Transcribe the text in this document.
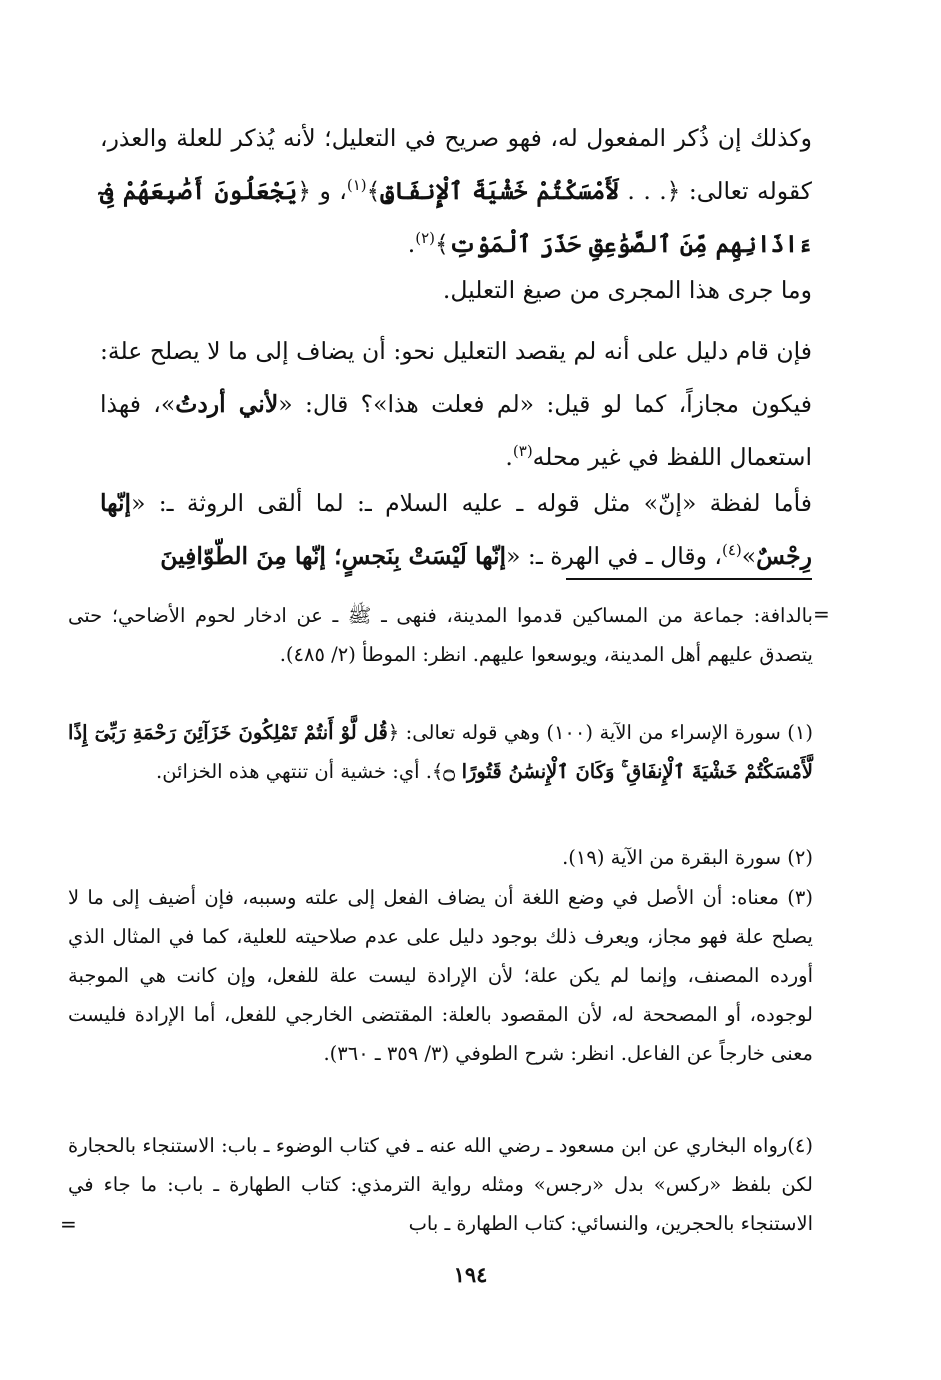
وكذلك إن ذُكر المفعول له، فهو صريح في التعليل؛ لأنه يُذكر للعلة والعذر، كقوله تعالى: ﴿. . . لَأَمْسَكْتُمْ خَشْيَةَ ٱلْإِنفَاقِ﴾$^{(١)}$، و ﴿يَجْعَلُونَ أَصَٰبِعَهُمْ فِىٓ ءَاذَانِهِم مِّنَ ٱلصَّوَٰعِقِ حَذَرَ ٱلْمَوْتِ﴾$^{(٢)}$.

وما جرى هذا المجرى من صيغ التعليل.

فإن قام دليل على أنه لم يقصد التعليل نحو: أن يضاف إلى ما لا يصلح علة: فيكون مجازاً، كما لو قيل: «لم فعلت هذا»؟ قال: «لأني أردتُ»، فهذا استعمال اللفظ في غير محله$^{(٣)}$.

فأما لفظة «إنّ» مثل قوله ـ عليه السلام ـ: لما ألقى الروثة ـ: «إنّها رِجْسٌ»$^{(٤)}$، وقال ـ في الهرة ـ: «إنّها لَيْسَتْ بِنَجسٍ؛ إنّها مِنَ الطّوّافِينَ

=
بالدافة: جماعة من المساكين قدموا المدينة، فنهى ـ ﷺ ـ عن ادخار لحوم الأضاحي؛ حتى يتصدق عليهم أهل المدينة، ويوسعوا عليهم. انظر: الموطأ (٢/ ٤٨٥).
(١) سورة الإسراء من الآية (١٠٠) وهي قوله تعالى: ﴿قُل لَّوْ أَنتُمْ تَمْلِكُونَ خَزَآئِنَ رَحْمَةِ رَبِّىٓ إِذًا لَّأَمْسَكْتُمْ خَشْيَةَ ٱلْإِنفَاقِ ۚ وَكَانَ ٱلْإِنسَٰنُ قَتُورًا ۝﴾. أي: خشية أن تنتهي هذه الخزائن.
(٢) سورة البقرة من الآية (١٩).
(٣) معناه: أن الأصل في وضع اللغة أن يضاف الفعل إلى علته وسببه، فإن أضيف إلى ما لا يصلح علة فهو مجاز، ويعرف ذلك بوجود دليل على عدم صلاحيته للعلية، كما في المثال الذي أورده المصنف، وإنما لم يكن علة؛ لأن الإرادة ليست علة للفعل، وإن كانت هي الموجبة لوجوده، أو المصححة له، لأن المقصود بالعلة: المقتضى الخارجي للفعل، أما الإرادة فليست معنى خارجاً عن الفاعل. انظر: شرح الطوفي (٣/ ٣٥٩ ـ ٣٦٠).
(٤)رواه البخاري عن ابن مسعود ـ رضي الله عنه ـ في كتاب الوضوء ـ باب: الاستنجاء بالحجارة لكن بلفظ «ركس» بدل «رجس» ومثله رواية الترمذي: كتاب الطهارة ـ باب: ما جاء في الاستنجاء بالحجرين، والنسائي: كتاب الطهارة ـ باب
=
١٩٤
